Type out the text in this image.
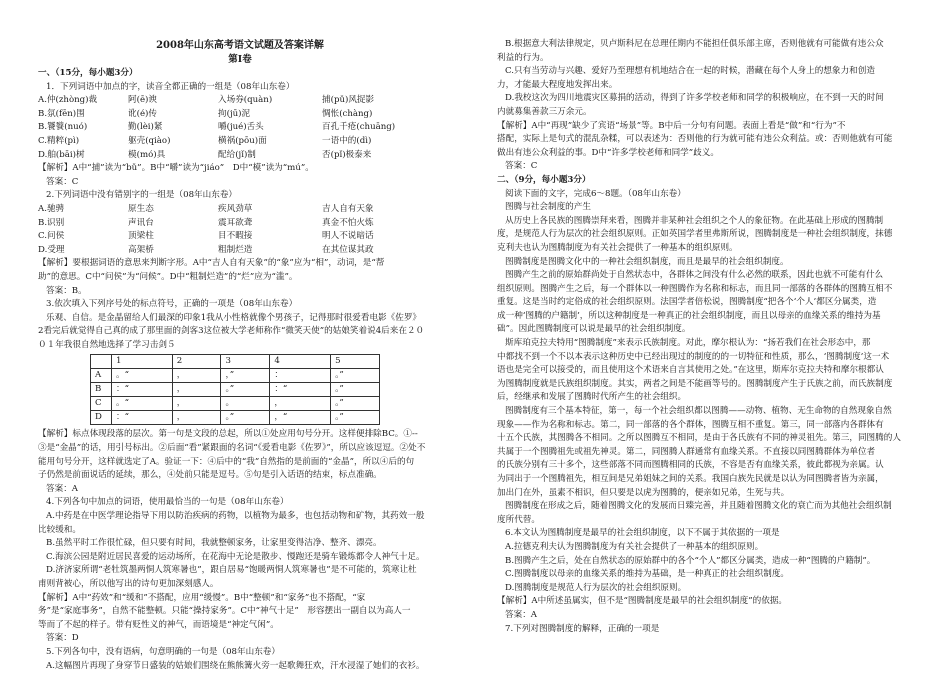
2008年山东高考语文试题及答案详解
第Ⅰ卷
一、（15分，每小题3分）
1．下列词语中加点的字，读音全都正确的一组是（08年山东卷）
A.仲(zhòng)裁	阿(ē)谀	入场券(quàn)	捕(pǔ)风捉影
B.氛(fēn)围	讹(é)传	拘(jū)泥	惆怅(chàng)
B.饕餮(nuó)	勤(lèi)紧	嚼(jué)舌头	百孔千疮(chuāng)
C.精粹(pì)	躯壳(qiào)	横祸(pōu)面	一语中的(dì)
D.舶(bāi)树	模(mó)具	配给(jǐ)制	否(pǐ)极泰来
【解析】A中“捕”读为“bǔ”。B中“嚼”读为“jiáo”　D中“模”读为“mú”。
答案：C
2.下列词语中没有错别字的一组是（08年山东卷）
A.驰骋	原生态	疾风劲草	吉人自有天象
B.识别	声讯台	震耳欲聋	真金不怕火炼
C.问侯	顶梁柱	目不暇接	明人不说暗话
D.受理	高架桥	粗制烂造	在其位谋其政
【解析】要根据词语的意思来判断字形。A中“吉人自有天象”的“象”应为“相”，动词，是“帮
助”的意思。C中“问侯”为“问候”。D中“粗制烂造”的“烂”应为“滥”。
答案：B。
3.依次填入下列序号处的标点符号，正确的一项是（08年山东卷）
乐观、自信。是金晶留给人们最深的印象1我从小性格就像个男孩子，记得那时很爱看电影《佐罗》
2看完后就觉得自己真的成了那里面的剑客3这位被大学老师称作“微笑天使”的姑娘笑着说4后来在２０
０１年我很自然地选择了学习击剑５
	1	2	3	4	5
A	。“	，	，”	：	。”
B	：“	，	。”	：“	。”
C	。“	，	。	，	。”
D	：“	，	。”	，“	。”
【解析】标点体现段落的层次。第一句是文段的总起，所以①处应用句号分开。这样便排除BC。①--
③是“金晶”的话，用引号标出。②后面“看”紧跟面的名词“《爱看电影《佐罗》”，所以应该逗逗。②处不
能用句号分开，这样就选定了A。验证一下：④后中的“我”自然指的是前面的“金晶”，所以④后的句
子仍然是前面说话的延续，那么，④处前只能是逗号。⑤句是引入话语的结束，标点准确。
答案：A
4.下列各句中加点的词语，使用最恰当的一句是（08年山东卷）
A.中药是在中医学理论指导下用以防治疾病的药物，以植物为最多，也包括动物和矿物，其药效一般
比较缓和。
B.虽然平时工作很忙碌，但只要有时间，我就整顿家务，让家里变得洁净、整齐、漂亮。
C.海滨公园是附近居民喜爱的运动场所，在花海中无论是散步、慢跑还是骑车锻炼都令人神气十足。
D.济济家所谓“老牡筑墨两恫人筑寒暑也”，跟自居易“饱暖两恫人筑寒暑也”是不可能的，筑寒让杜
甫则背被心，所以他写出的诗句更加深刻感人。
【解析】A中“药效”和“缓和”不搭配，应用“缓慢”。B中“整顿”和“家务”也不搭配，“家
务”是“家庭事务”，自然不能整顿。只能“操持家务”。C中“神气十足”　形容摆出一副自以为高人一
等而了不起的样子。带有贬性义的神气，而语境是“神定气闲”。
答案：D
5.下列各句中，没有语病，句意明确的一句是（08年山东卷）
A.这幅图片再现了身穿节日盛装的姑娘们围绕在熊熊篝火旁一起歌舞狂欢，汗水浸湿了她们的衣衫。
B.根据意大利法律规定，贝卢斯科尼在总理任期内不能担任俱乐部主席，否则他就有可能做有违公众
利益的行为。
C.只有当劳动与兴趣、爱好乃至理想有机地结合在一起的时候，潜藏在每个人身上的想象力和创造
力，才能最大程度地发挥出来。
D.我校这次为四川地震灾区募捐的活动，得到了许多学校老师和同学的积极响应，在不到一天的时间
内就募集善款三万余元。
【解析】A中“再现”缺少了宾语“场景”等。B中后一分句有问题。表面上看是“做”和“行为”不
搭配，实际上是句式的混乱杂糅，可以表述为：否则他的行为就可能有违公众利益。或：否则他就有可能
做出有违公众利益的事。D中“许多学校老师和同学”歧义。
答案：C
二、（9分，每小题3分）
阅读下面的文字，完成6～8题。（08年山东卷）
图腾与社会制度的产生
从历史上各民族的图腾崇拜来看，图腾并非某种社会组织之个人的象征物。在此基础上形成的图腾制
度，是规范人行为层次的社会组织原则。正如英国学者里弗斯所说，图腾制度是一种社会组织制度，抹德
克利夫也认为图腾制度为有关社会提供了一种基本的组织原则。
图腾制度是图腾文化中的一种社会组织制度，而且是最早的社会组织制度。
图腾产生之前的原始群尚处于自然状态中，各群体之间没有什么必然的联系，因此也就不可能有什么
组织原则。图腾产生之后，每一个群体以一种图腾作为名称和标志，而且同一部落的各群体的图腾互相不
重复。这是当时约定俗成的社会组织原则。法国学者倍松说，图腾制度“把各个‘个人’都区分属类，造
成一种‘图腾的户籍制’，所以这种制度是一种真正的社会组织制度，而且以母亲的血缘关系的维持为基
础”。因此图腾制度可以说是最早的社会组织制度。
斯库珀克拉夫特用“图腾制度”来表示氏族制度。对此，摩尔根认为：“扬若我们在社会形态中，那
中都找不到一个不以本表示这种历史中已经出现过的制度的的一切特征和性质，那么，‘图腾制度’这一术
语也是完全可以接受的，而且使用这个术语来自言其使用之处。”在这里，斯库尔克拉夫特和摩尔根都认
为图腾制度就是氏族组织制度。其实，两者之间是不能画等号的。图腾制度产生于氏族之前，而氏族制度
后，经继承和发展了图腾时代所产生的社会组织。
图腾制度有三个基本特征，第一，每一个社会组织都以图腾——动物、植物、无生命物的自然现象自然
现象——作为名称和标志。第二，同一部落的各个群体，图腾互相不重复。第三，同一部落内各群体有
十五个氏族，其图腾各不相同。之所以图腾互不相同，是由于各氏族有不同的神灵祖先。第三，同图腾的人
共属于一个图腾祖先或祖先神灵。第二，同图腾人群通常有血缘关系。不直接以同图腾群体为单位者
的氏族分别有三十多个，这些部落不同而图腾相同的氏族，不容是否有血缘关系，彼此都视为亲属。认
为同出于一个图腾祖先，相互间是兄弟姐妹之间的关系。我国白族先民就是以认为同图腾者皆为亲属，
加出门在外，虽素不相识，但只要是以虎为图腾的，便亲如兄弟，生死与共。
图腾制度在形成之后，随着图腾文化的发展而日臻完善，并且随着图腾文化的衰亡而为其他社会组织制
度所代替。
6.本文认为图腾制度是最早的社会组织制度，以下不属于其依据的一项是
A.拉德克利夫认为图腾制度为有关社会提供了一种基本的组织原则。
B.图腾产生之后，处在自然状态的原始群中的各个“个人”都区分属类，造成一种“图腾的户籍制”。
C.图腾制度以母亲的血缘关系的维持为基础，是一种真正的社会组织制度。
D.图腾制度是规范人行为层次的社会组织原则。
【解析】A中所述虽属实，但不是“图腾制度是最早的社会组织制度”的依据。
答案：A
7.下列对图腾制度的解释，正确的一项是
